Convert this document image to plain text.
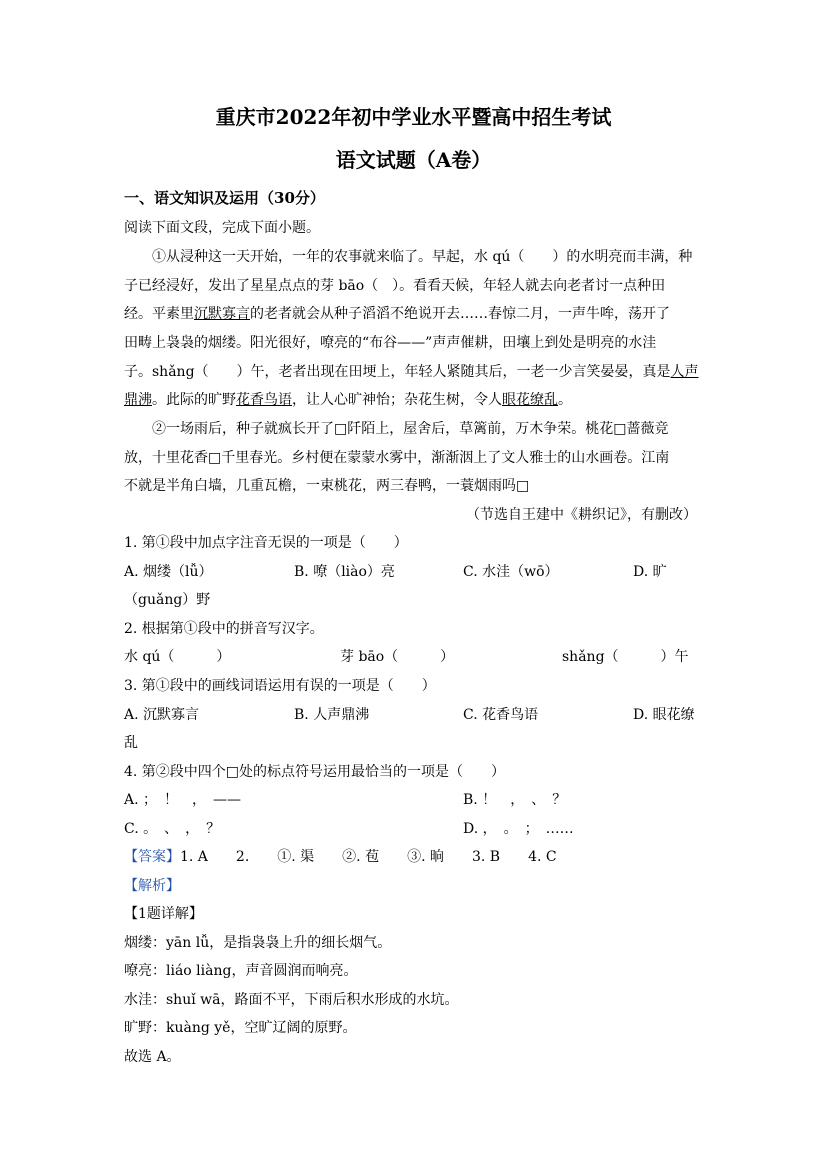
重庆市2022年初中学业水平暨高中招生考试
语文试题（A卷）
一、语文知识及运用（30分）
阅读下面文段，完成下面小题。
①从浸种这一天开始，一年的农事就来临了。早起，水 qú（　　）的水明亮而丰满，种
子已经浸好，发出了星星点点的芽 bāo（　）。看看天候，年轻人就去向老者讨一点种田
经。平素里沉默寡言的老者就会从种子滔滔不绝说开去……春惊二月，一声牛哞，荡开了
田畴上袅袅的烟缕。阳光很好，嘹亮的“布谷——”声声催耕，田壤上到处是明亮的水洼
子。shǎng（　　）午，老者出现在田埂上，年轻人紧随其后，一老一少言笑晏晏，真是人声
鼎沸。此际的旷野花香鸟语，让人心旷神怡；杂花生树，令人眼花缭乱。
②一场雨后，种子就疯长开了□阡陌上，屋舍后，草篱前，万木争荣。桃花□蔷薇竞
放，十里花香□千里春光。乡村便在蒙蒙水雾中，渐渐洇上了文人雅士的山水画卷。江南
不就是半角白墙，几重瓦檐，一束桃花，两三春鸭，一蓑烟雨吗□
（节选自王建中《耕织记》，有删改）
1. 第①段中加点字注音无误的一项是（　　）
A. 烟缕（lǚ）	B. 嘹（liào）亮	C. 水洼（wō）	D. 旷
（guǎng）野
2. 根据第①段中的拼音写汉字。
水 qú（　　　）	芽 bāo（　　　）	shǎng（　　　）午
3. 第①段中的画线词语运用有误的一项是（　　）
A. 沉默寡言	B. 人声鼎沸	C. 花香鸟语	D. 眼花缭
乱
4. 第②段中四个□处的标点符号运用最恰当的一项是（　　）
A. ；　！　，　——	B. ！　，　、　？
C. 。　、　，　？	D. ，　。　；　……
【答案】1. A　　2.　　①. 渠　　②. 苞　　③. 晌　　3. B　　4. C
【解析】
【1题详解】
烟缕：yān lǚ，是指袅袅上升的细长烟气。
嘹亮：liáo liàng，声音圆润而响亮。
水洼：shuǐ wā，路面不平，下雨后积水形成的水坑。
旷野：kuàng yě，空旷辽阔的原野。
故选 A。
